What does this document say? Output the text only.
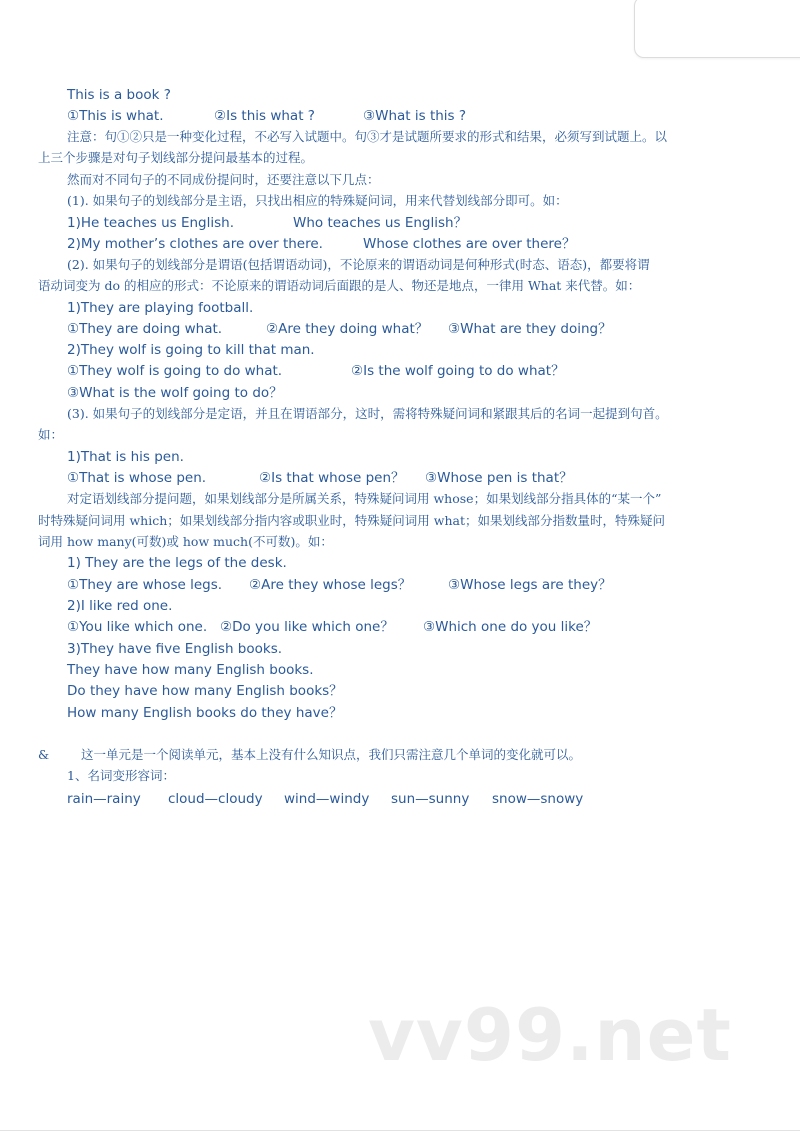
This is a book ?
①This is what.	②Is this what ?	③What is this ?
注意：句①②只是一种变化过程，不必写入试题中。句③才是试题所要求的形式和结果，必须写到试题上。以
上三个步骤是对句子划线部分提问最基本的过程。
然而对不同句子的不同成份提问时，还要注意以下几点：
(1). 如果句子的划线部分是主语，只找出相应的特殊疑问词，用来代替划线部分即可。如：
1)He teaches us English.	Who teaches us English？
2)My mother’s clothes are over there.	Whose clothes are over there？
(2). 如果句子的划线部分是谓语(包括谓语动词)，不论原来的谓语动词是何种形式(时态、语态)，都要将谓
语动词变为 do 的相应的形式：不论原来的谓语动词后面跟的是人、物还是地点，一律用 What 来代替。如：
1)They are playing football.
①They are doing what.	②Are they doing what？ ③What are they doing？
2)They wolf is going to kill that man.
①They wolf is going to do what.	②Is the wolf going to do what？
③What is the wolf going to do？
(3). 如果句子的划线部分是定语，并且在谓语部分，这时，需将特殊疑问词和紧跟其后的名词一起提到句首。
如：
1)That is his pen.
①That is whose pen.	②Is that whose pen？ ③Whose pen is that？
对定语划线部分提问题，如果划线部分是所属关系，特殊疑问词用 whose；如果划线部分指具体的“某一个”
时特殊疑问词用 which；如果划线部分指内容或职业时，特殊疑问词用 what；如果划线部分指数量时，特殊疑问
词用 how many(可数)或 how much(不可数)。如：
1) They are the legs of the desk.
①They are whose legs. ②Are they whose legs？	③Whose legs are they？
2)I like red one.
①You like which one. ②Do you like which one？ ③Which one do you like？
3)They have five English books.
They have how many English books.
Do they have how many English books？
How many English books do they have？
&	这一单元是一个阅读单元，基本上没有什么知识点，我们只需注意几个单词的变化就可以。
1、名词变形容词：
rain—rainy cloud—cloudy wind—windy sun—sunny snow—snowy
vv99.net
